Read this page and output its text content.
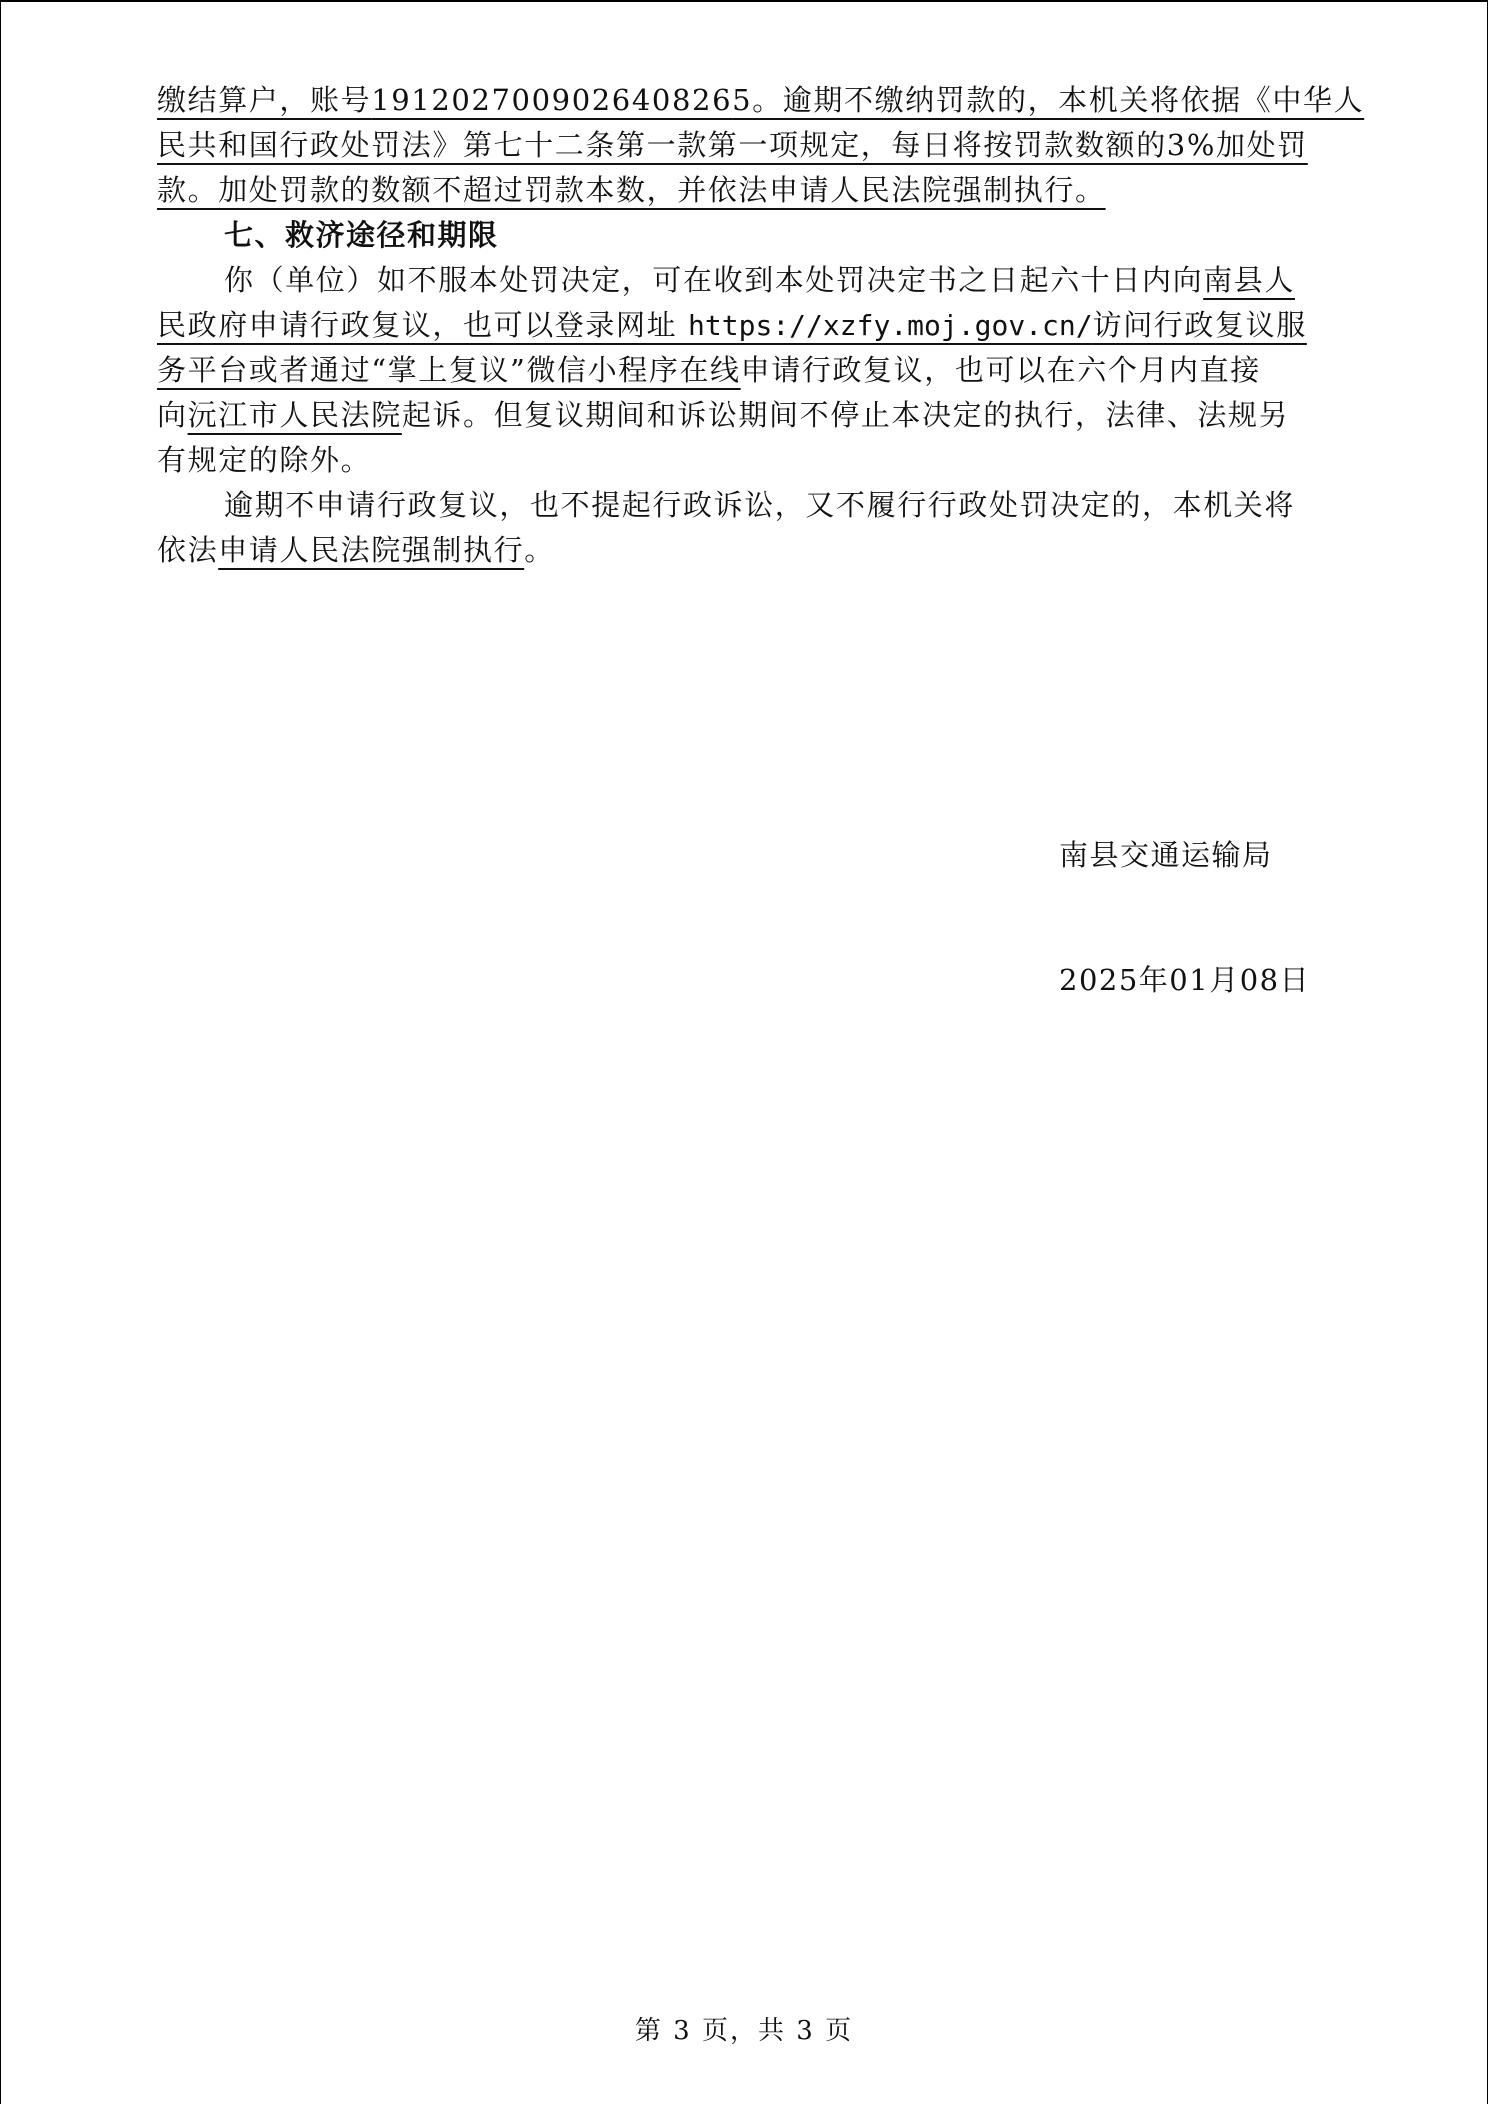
缴结算户，账号1912027009026408265。逾期不缴纳罚款的，本机关将依据《中华人
民共和国行政处罚法》第七十二条第一款第一项规定，每日将按罚款数额的3%加处罚
款。加处罚款的数额不超过罚款本数，并依法申请人民法院强制执行。
七、救济途径和期限
你（单位）如不服本处罚决定，可在收到本处罚决定书之日起六十日内向南县人
民政府申请行政复议，也可以登录网址 https://xzfy.moj.gov.cn/访问行政复议服
务平台或者通过“掌上复议”微信小程序在线申请行政复议，也可以在六个月内直接
向沅江市人民法院起诉。但复议期间和诉讼期间不停止本决定的执行，法律、法规另
有规定的除外。
逾期不申请行政复议，也不提起行政诉讼，又不履行行政处罚决定的，本机关将
依法申请人民法院强制执行。
南县交通运输局
2025年01月08日
第 3 页，共 3 页
